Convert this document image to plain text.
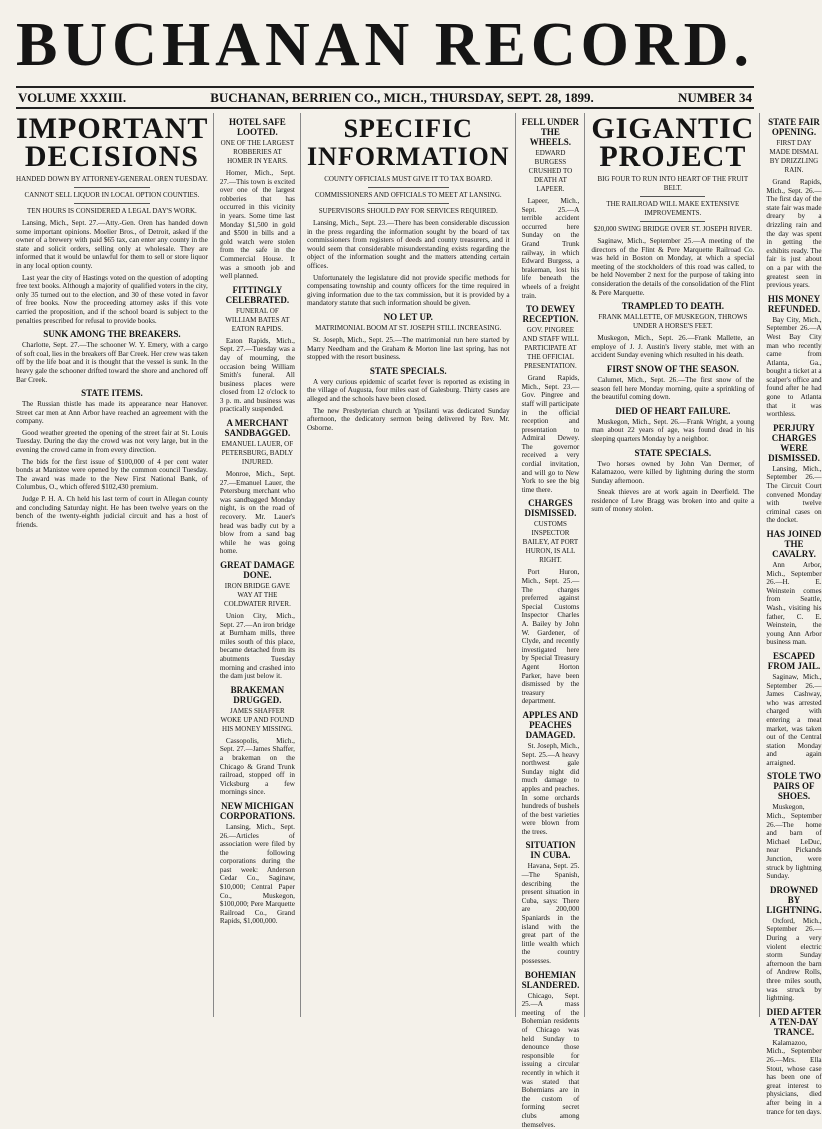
BUCHANAN RECORD.
VOLUME XXXIII.	BUCHANAN, BERRIEN CO., MICH., THURSDAY, SEPT. 28, 1899.	NUMBER 34
IMPORTANT DECISIONS
HANDED DOWN BY ATTORNEY-GENERAL OREN TUESDAY.
CANNOT SELL LIQUOR IN LOCAL OPTION COUNTIES.
TEN HOURS IS CONSIDERED A LEGAL DAY'S WORK.

Lansing, Mich., Sept. 27.—Atty.-Gen. Oren has handed down some important opinions. Moelier Bros., of Detroit, asked if the owner of a brewery with paid $65 tax, can enter any county in the state and solicit orders, selling only at wholesale. They are informed that it would be unlawful for them to sell or store liquor in any local option county.

Last year the city of Hastings voted on the question of adopting free text books. Although a majority of qualified voters in the city, only 35 turned out to the election, and 30 of these voted in favor of free books. Now the proceeding attorney asks if this vote carried the proposition, and if the school board is subject to the penalties prescribed for refusal to provide books.

SUNK AMONG THE BREAKERS.

Charlotte, Sept. 27.—The schooner W. Y. Emery, with a cargo of soft coal, lies in the breakers off Bar Creek. Her crew was taken off by the life boat and it is thought that the vessel is sunk. In the heavy gale the schooner drifted toward the shore and anchored off Bar Creek.

STATE ITEMS.

The Russian thistle has made its appearance near Hanover. Street car men at Ann Arbor have reached an agreement with the company.

Good weather greeted the opening of the street fair at St. Louis Tuesday. During the day the crowd was not very large, but in the evening the crowd came in from every direction.

The bids for the first issue of $100,000 of 4 per cent water bonds at Manistee were opened by the common council Tuesday. The award was made to the New First National Bank, of Columbus, O., which offered $102,430 premium.

Judge P. H. A. Ch held his last term of court in Allegan county and concluding Saturday night. He has been twelve years on the bench of the twenty-eighth judicial circuit and has a host of friends.

HOTEL SAFE LOOTED.
ONE OF THE LARGEST ROBBERIES AT HOMER IN YEARS.

Homer, Mich., Sept. 27.—This town is excited over one of the largest robberies that has occurred in this vicinity in years. Some time last Monday $1,500 in gold and $500 in bills and a gold watch were stolen from the safe in the Commercial House. It was a smooth job and well planned.

FITTINGLY CELEBRATED.
FUNERAL OF WILLIAM BATES AT EATON RAPIDS.

Eaton Rapids, Mich., Sept. 27.—Tuesday was a day of mourning, the occasion being William Smith's funeral. All business places were closed from 12 o'clock to 3 p. m. and business was practically suspended.

A MERCHANT SANDBAGGED.
EMANUEL LAUER, OF PETERSBURG, BADLY INJURED.

Monroe, Mich., Sept. 27.—Emanuel Lauer, the Petersburg merchant who was sandbagged Monday night, is on the road of recovery. Mr. Lauer's head was badly cut by a blow from a sand bag while he was going home.

GREAT DAMAGE DONE.
IRON BRIDGE GAVE WAY AT THE COLDWATER RIVER.

Union City, Mich., Sept. 27.—An iron bridge at Burnham mills, three miles south of this place, became detached from its abutments Tuesday morning and crashed into the dam just below it.

BRAKEMAN DRUGGED.
JAMES SHAFFER WOKE UP AND FOUND HIS MONEY MISSING.

Cassopolis, Mich., Sept. 27.—James Shaffer, a brakeman on the Chicago & Grand Trunk railroad, stopped off in Vicksburg a few mornings since.

NEW MICHIGAN CORPORATIONS.

Lansing, Mich., Sept. 26.—Articles of association were filed by the following corporations during the past week: Anderson Cedar Co., Saginaw, $10,000; Central Paper Co., Muskegon, $100,000; Pere Marquette Railroad Co., Grand Rapids, $1,000,000.

SPECIFIC INFORMATION
COUNTY OFFICIALS MUST GIVE IT TO TAX BOARD.
COMMISSIONERS AND OFFICIALS TO MEET AT LANSING.
SUPERVISORS SHOULD PAY FOR SERVICES REQUIRED.

Lansing, Mich., Sept. 23.—There has been considerable discussion in the press regarding the information sought by the board of tax commissioners from registers of deeds and county treasurers, and it would seem that considerable misunderstanding exists regarding the object of the information sought and the matters attending certain offices.

Unfortunately the legislature did not provide specific methods for compensating township and county officers for the time required in giving information due to the tax commission, but it is provided by a mandatory statute that such information should be given.

NO LET UP.
MATRIMONIAL BOOM AT ST. JOSEPH STILL INCREASING.

St. Joseph, Mich., Sept. 25.—The matrimonial run here started by Marry Needham and the Graham & Morton line last spring, has not stopped with the resort business.

STATE SPECIALS.

A very curious epidemic of scarlet fever is reported as existing in the village of Augusta, four miles east of Galesburg. Thirty cases are alleged and the schools have been closed.

The new Presbyterian church at Ypsilanti was dedicated Sunday afternoon, the dedicatory sermon being delivered by Rev. Mr. Osborne.

FELL UNDER THE WHEELS.
EDWARD BURGESS CRUSHED TO DEATH AT LAPEER.

Lapeer, Mich., Sept. 25.—A terrible accident occurred here Sunday on the Grand Trunk railway, in which Edward Burgess, a brakeman, lost his life beneath the wheels of a freight train.

TO DEWEY RECEPTION.
GOV. PINGREE AND STAFF WILL PARTICIPATE AT THE OFFICIAL PRESENTATION.

Grand Rapids, Mich., Sept. 23.—Gov. Pingree and staff will participate in the official reception and presentation to Admiral Dewey. The governor received a very cordial invitation, and will go to New York to see the big time there.

CHARGES DISMISSED.
CUSTOMS INSPECTOR BAILEY, AT PORT HURON, IS ALL RIGHT.

Port Huron, Mich., Sept. 25.—The charges preferred against Special Customs Inspector Charles A. Bailey by John W. Gardener, of Clyde, and recently investigated here by Special Treasury Agent Horton Parker, have been dismissed by the treasury department.

APPLES AND PEACHES DAMAGED.

St. Joseph, Mich., Sept. 25.—A heavy northwest gale Sunday night did much damage to apples and peaches. In some orchards hundreds of bushels of the best varieties were blown from the trees.

SITUATION IN CUBA.

Havana, Sept. 25.—The Spanish, describing the present situation in Cuba, says: There are 200,000 Spaniards in the island with the great part of the little wealth which the country possesses.

BOHEMIAN SLANDERED.

Chicago, Sept. 25.—A mass meeting of the Bohemian residents of Chicago was held Sunday to denounce those responsible for issuing a circular recently in which it was stated that Bohemians are in the custom of forming secret clubs among themselves.

GIGANTIC PROJECT
BIG FOUR TO RUN INTO HEART OF THE FRUIT BELT.
THE RAILROAD WILL MAKE EXTENSIVE IMPROVEMENTS.
$20,000 SWING BRIDGE OVER ST. JOSEPH RIVER.

Saginaw, Mich., September 25.—A meeting of the directors of the Flint & Pere Marquette Railroad Co. was held in Boston on Monday, at which a special meeting of the stockholders of this road was called, to be held November 2 next for the purpose of taking into consideration the details of the consolidation of the Flint & Pere Marquette.

TRAMPLED TO DEATH.
FRANK MALLETTE, OF MUSKEGON, THROWS UNDER A HORSE'S FEET.

Muskegon, Mich., Sept. 26.—Frank Mallette, an employe of J. J. Austin's livery stable, met with an accident Sunday evening which resulted in his death.

FIRST SNOW OF THE SEASON.

Calumet, Mich., Sept. 26.—The first snow of the season fell here Monday morning, quite a sprinkling of the beautiful coming down.

DIED OF HEART FAILURE.

Muskegon, Mich., Sept. 26.—Frank Wright, a young man about 22 years of age, was found dead in his sleeping quarters Monday by a neighbor.

STATE SPECIALS.

Two horses owned by John Van Dermer, of Kalamazoo, were killed by lightning during the storm Sunday afternoon.

Sneak thieves are at work again in Deerfield. The residence of Lew Bragg was broken into and quite a sum of money stolen.

STATE FAIR OPENING.
FIRST DAY MADE DISMAL BY DRIZZLING RAIN.

Grand Rapids, Mich., Sept. 26.—The first day of the state fair was made dreary by a drizzling rain and the day was spent in getting the exhibits ready. The fair is just about on a par with the greatest seen in previous years.

HIS MONEY REFUNDED.

Bay City, Mich., September 26.—A West Bay City man who recently came from Atlanta, Ga., bought a ticket at a scalper's office and found after he had gone to Atlanta that it was worthless.

PERJURY CHARGES WERE DISMISSED.

Lansing, Mich., September 26.—The Circuit Court convened Monday with twelve criminal cases on the docket.

HAS JOINED THE CAVALRY.

Ann Arbor, Mich., September 26.—H. E. Weinstein comes from Seattle, Wash., visiting his father, C. E. Weinstein, the young Ann Arbor business man.

ESCAPED FROM JAIL.

Saginaw, Mich., September 26.—James Cashway, who was arrested charged with entering a meat market, was taken out of the Central station Monday and again arraigned.

STOLE TWO PAIRS OF SHOES.

Muskegon, Mich., September 26.—The home and barn of Michael LeDuc, near Pickands Junction, were struck by lightning Sunday.

DROWNED BY LIGHTNING.

Oxford, Mich., September 26.—During a very violent electric storm Sunday afternoon the barn of Andrew Rolls, three miles south, was struck by lightning.

DIED AFTER A TEN-DAY TRANCE.

Kalamazoo, Mich., September 26.—Mrs. Ella Stout, whose case has been one of great interest to physicians, died after being in a trance for ten days.
